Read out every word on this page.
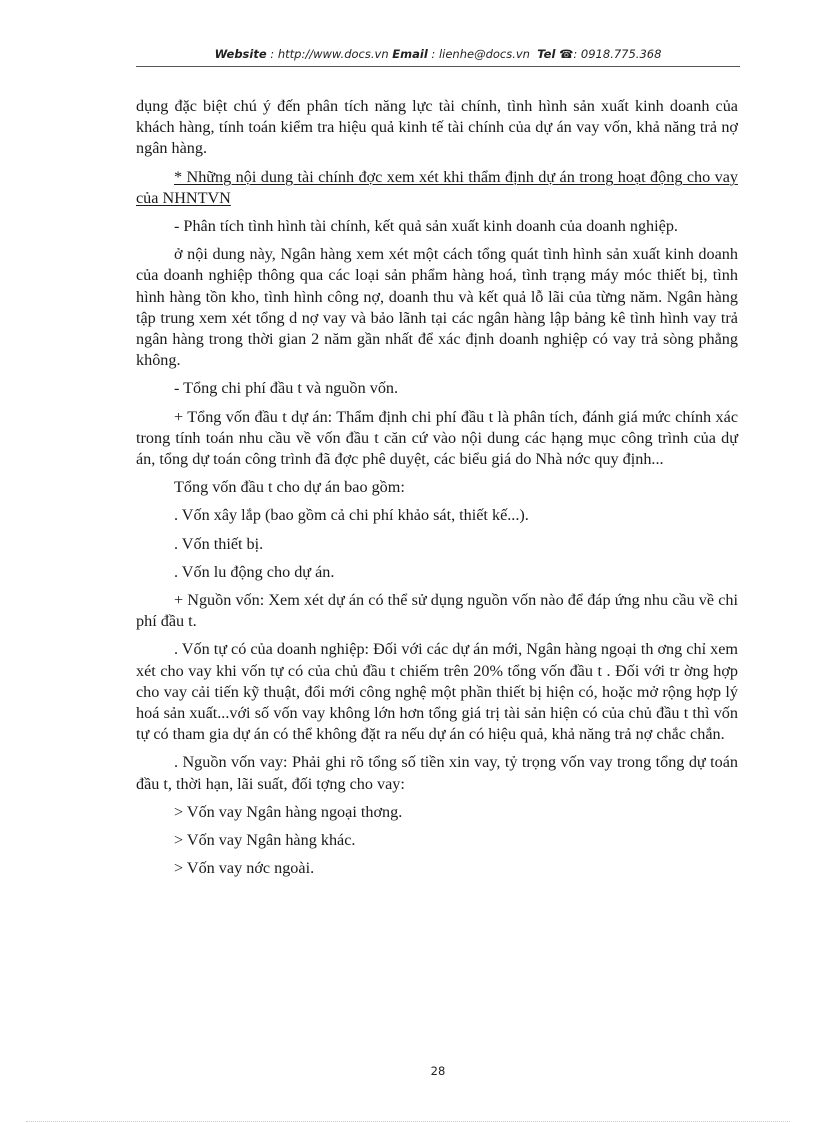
Website : http://www.docs.vn Email : lienhe@docs.vn Tel ☎: 0918.775.368

dụng đặc biệt chú ý đến phân tích năng lực tài chính, tình hình sản xuất kinh doanh của khách hàng, tính toán kiểm tra hiệu quả kinh tế tài chính của dự án vay vốn, khả năng trả nợ ngân hàng.

* Những nội dung tài chính đợc xem xét khi thẩm định dự án trong hoạt động cho vay của NHNTVN

- Phân tích tình hình tài chính, kết quả sản xuất kinh doanh của doanh nghiệp.

ở nội dung này, Ngân hàng xem xét một cách tổng quát tình hình sản xuất kinh doanh của doanh nghiệp thông qua các loại sản phẩm hàng hoá, tình trạng máy móc thiết bị, tình hình hàng tồn kho, tình hình công nợ, doanh thu và kết quả lỗ lãi của từng năm. Ngân hàng tập trung xem xét tổng d nợ vay và bảo lãnh tại các ngân hàng lập bảng kê tình hình vay trả ngân hàng trong thời gian 2 năm gần nhất để xác định doanh nghiệp có vay trả sòng phẳng không.

- Tổng chi phí đầu t và nguồn vốn.

+ Tổng vốn đầu t dự án: Thẩm định chi phí đầu t là phân tích, đánh giá mức chính xác trong tính toán nhu cầu về vốn đầu t căn cứ vào nội dung các hạng mục công trình của dự án, tổng dự toán công trình đã đợc phê duyệt, các biểu giá do Nhà nớc quy định...

Tổng vốn đầu t cho dự án bao gồm:

. Vốn xây lắp (bao gồm cả chi phí khảo sát, thiết kế...).

. Vốn thiết bị.

. Vốn lu động cho dự án.

+ Nguồn vốn: Xem xét dự án có thể sử dụng nguồn vốn nào để đáp ứng nhu cầu về chi phí đầu t.

. Vốn tự có của doanh nghiệp: Đối với các dự án mới, Ngân hàng ngoại th ơng chỉ xem xét cho vay khi vốn tự có của chủ đầu t chiếm trên 20% tổng vốn đầu t . Đối với tr ờng hợp cho vay cải tiến kỹ thuật, đổi mới công nghệ một phần thiết bị hiện có, hoặc mở rộng hợp lý hoá sản xuất...với số vốn vay không lớn hơn tổng giá trị tài sản hiện có của chủ đầu t thì vốn tự có tham gia dự án có thể không đặt ra nếu dự án có hiệu quả, khả năng trả nợ chắc chắn.

. Nguồn vốn vay: Phải ghi rõ tổng số tiền xin vay, tỷ trọng vốn vay trong tổng dự toán đầu t, thời hạn, lãi suất, đối tợng cho vay:

> Vốn vay Ngân hàng ngoại thơng.

> Vốn vay Ngân hàng khác.

> Vốn vay nớc ngoài.

28
